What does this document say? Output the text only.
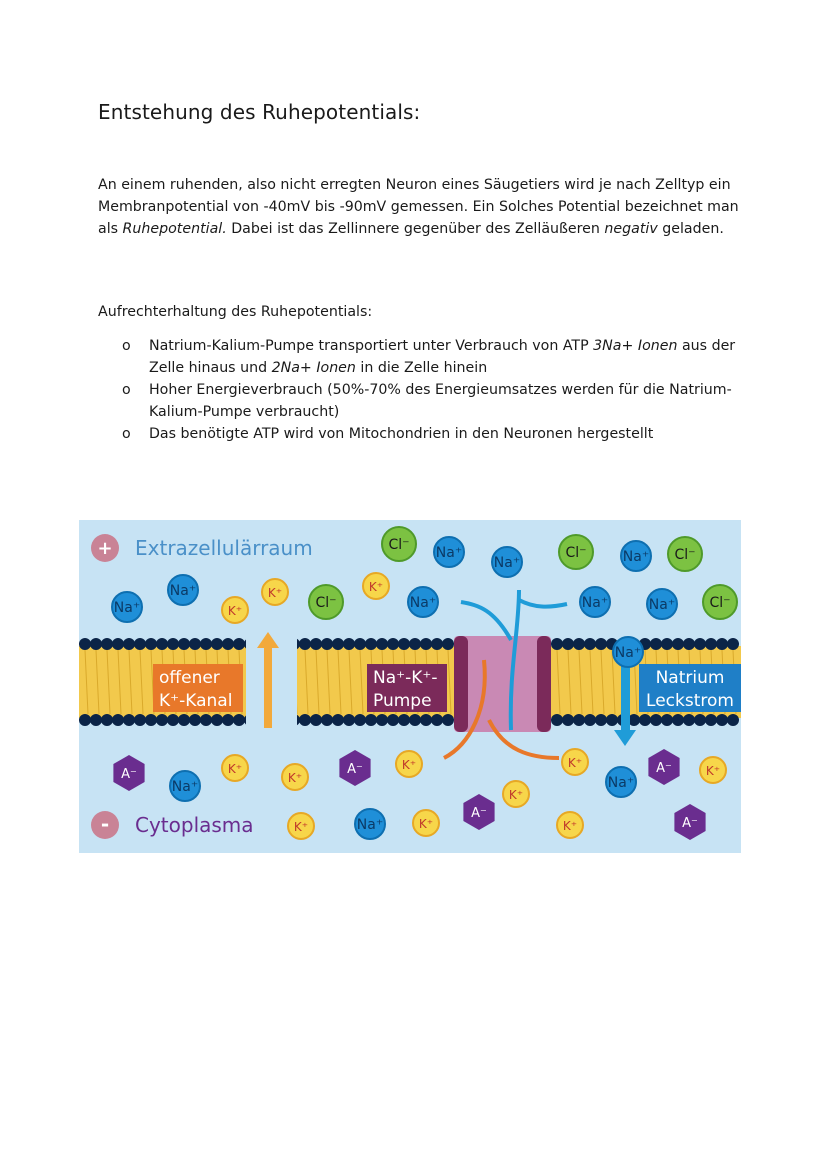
Entstehung des Ruhepotentials:
An einem ruhenden, also nicht erregten Neuron eines Säugetiers wird je nach Zelltyp ein Membranpotential von -40mV bis -90mV gemessen. Ein Solches Potential bezeichnet man als Ruhepotential. Dabei ist das Zellinnere gegenüber des Zelläußeren negativ geladen.
Aufrechterhaltung des Ruhepotentials:
o Natrium-Kalium-Pumpe transportiert unter Verbrauch von ATP 3Na+ Ionen aus der Zelle hinaus und 2Na+ Ionen in die Zelle hinein
o Hoher Energieverbrauch (50%-70% des Energieumsatzes werden für die Natrium-Kalium-Pumpe verbraucht)
o Das benötigte ATP wird von Mitochondrien in den Neuronen hergestellt
+ Extrazellulärraum
- Cytoplasma
offener
K⁺-Kanal
Na⁺-K⁺-
Pumpe
Natrium
Leckstrom
Cl⁻ Na⁺
Na⁺
Cl⁻	Na⁺ Cl⁻
Na⁺	K⁺	K⁺
Cl⁻
Na⁺	K⁺	Na⁺	Na⁺	Na⁺ Cl⁻
Na⁺
A⁻	K⁺
Na⁺
K⁺
A⁻	K⁺	K⁺
Na⁺
A⁻	K⁺
K⁺
A⁻
K⁺	Na⁺	K⁺	K⁺	A⁻
